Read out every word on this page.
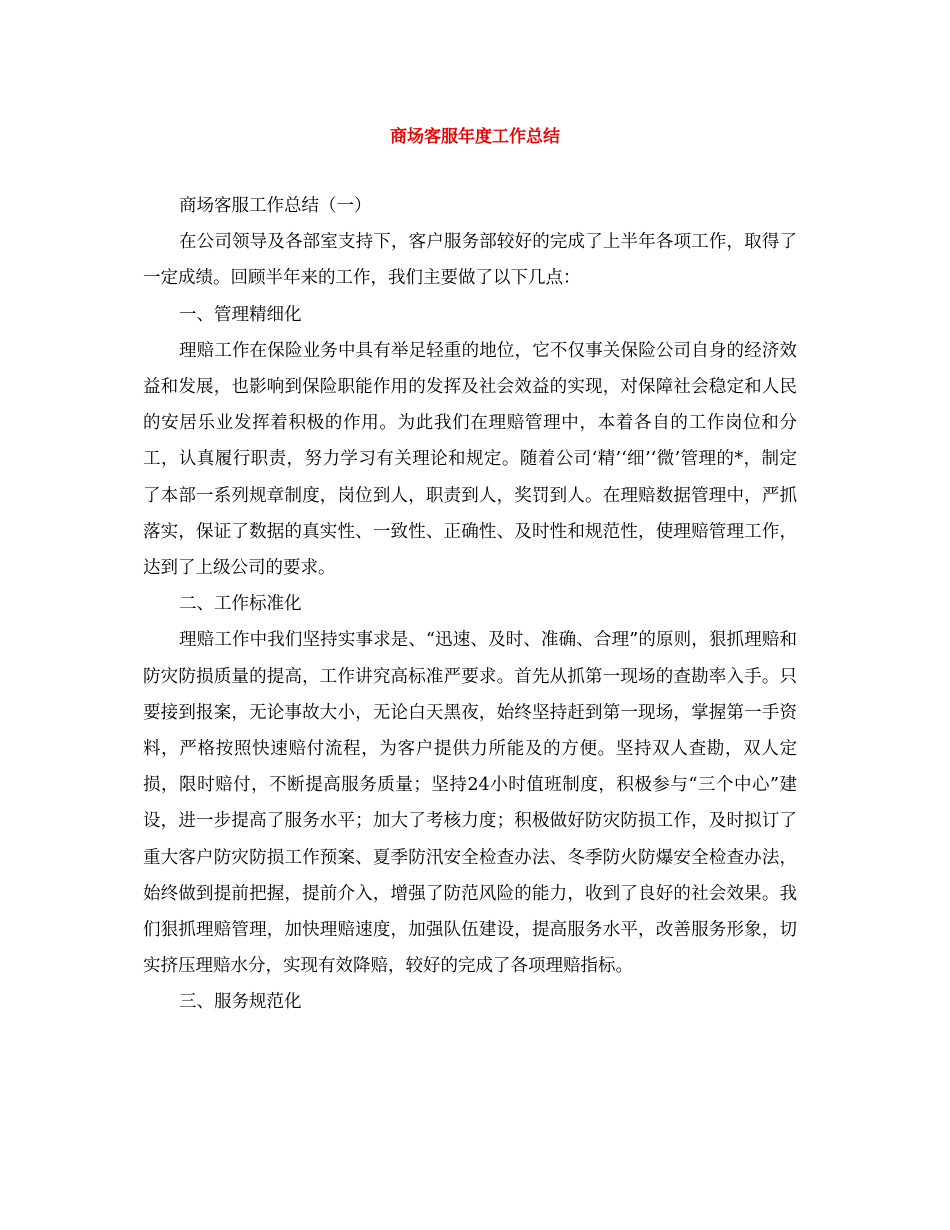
商场客服年度工作总结

商场客服工作总结（一）

在公司领导及各部室支持下，客户服务部较好的完成了上半年各项工作，取得了一定成绩。回顾半年来的工作，我们主要做了以下几点：

一、管理精细化

理赔工作在保险业务中具有举足轻重的地位，它不仅事关保险公司自身的经济效益和发展，也影响到保险职能作用的发挥及社会效益的实现，对保障社会稳定和人民的安居乐业发挥着积极的作用。为此我们在理赔管理中，本着各自的工作岗位和分工，认真履行职责，努力学习有关理论和规定。随着公司‘精’‘细’‘微’管理的*，制定了本部一系列规章制度，岗位到人，职责到人，奖罚到人。在理赔数据管理中，严抓落实，保证了数据的真实性、一致性、正确性、及时性和规范性，使理赔管理工作，达到了上级公司的要求。

二、工作标准化

理赔工作中我们坚持实事求是、“迅速、及时、准确、合理”的原则，狠抓理赔和防灾防损质量的提高，工作讲究高标准严要求。首先从抓第一现场的查勘率入手。只要接到报案，无论事故大小，无论白天黑夜，始终坚持赶到第一现场，掌握第一手资料，严格按照快速赔付流程，为客户提供力所能及的方便。坚持双人查勘，双人定损，限时赔付，不断提高服务质量；坚持24小时值班制度，积极参与“三个中心”建设，进一步提高了服务水平；加大了考核力度；积极做好防灾防损工作，及时拟订了重大客户防灾防损工作预案、夏季防汛安全检查办法、冬季防火防爆安全检查办法，始终做到提前把握，提前介入，增强了防范风险的能力，收到了良好的社会效果。我们狠抓理赔管理，加快理赔速度，加强队伍建设，提高服务水平，改善服务形象，切实挤压理赔水分，实现有效降赔，较好的完成了各项理赔指标。

三、服务规范化
